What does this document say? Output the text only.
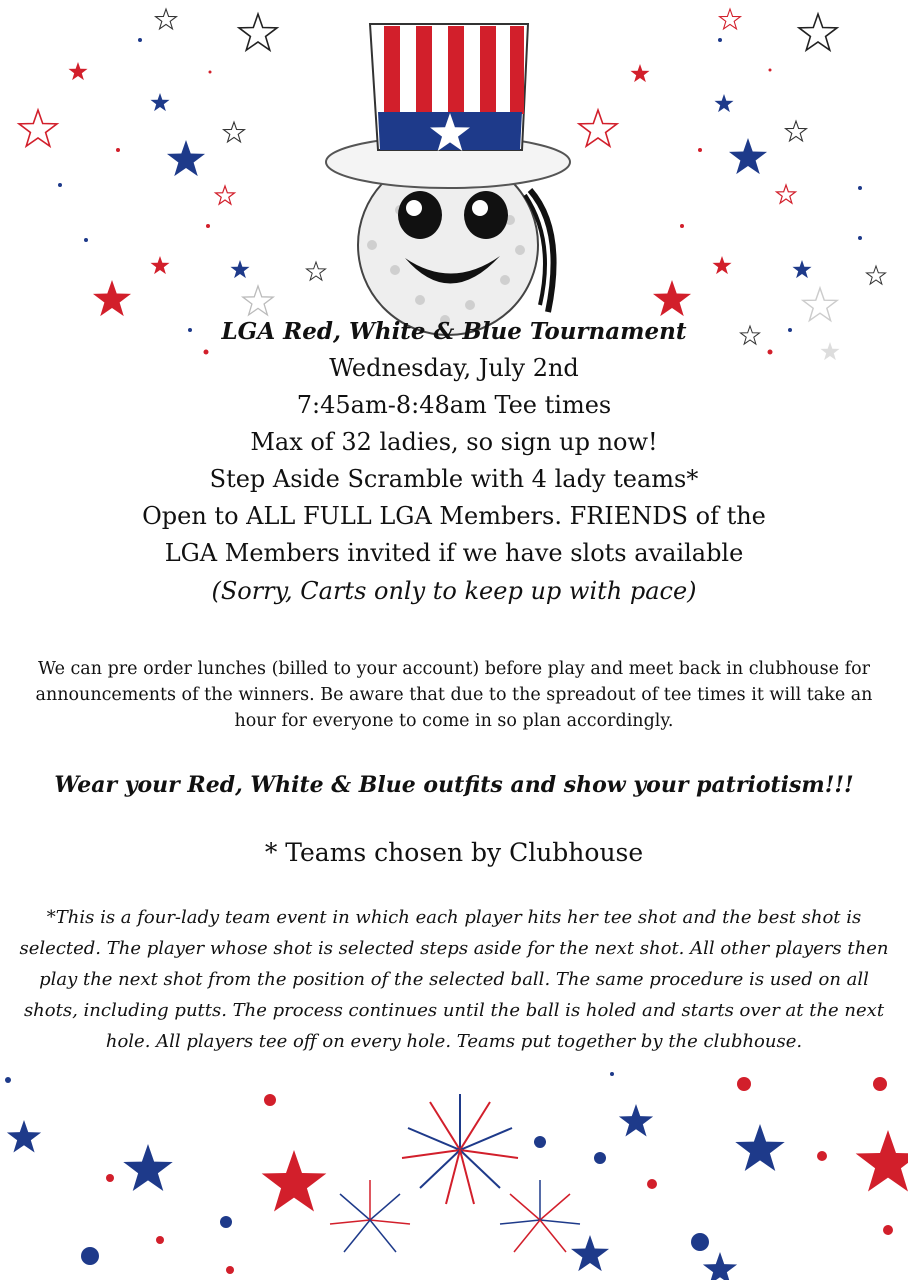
LGA Red, White & Blue Tournament
Wednesday, July 2nd
7:45am-8:48am Tee times
Max of 32 ladies, so sign up now!
Step Aside Scramble with 4 lady teams*
Open to ALL FULL LGA Members. FRIENDS of the
LGA Members invited if we have slots available
(Sorry, Carts only to keep up with pace)
We can pre order lunches (billed to your account) before play and meet back in clubhouse for announcements of the winners. Be aware that due to the spreadout of tee times it will take an hour for everyone to come in so plan accordingly.
Wear your Red, White & Blue outfits and show your patriotism!!!
* Teams chosen by Clubhouse
*This is a four-lady team event in which each player hits her tee shot and the best shot is selected. The player whose shot is selected steps aside for the next shot. All other players then play the next shot from the position of the selected ball. The same procedure is used on all shots, including putts. The process continues until the ball is holed and starts over at the next hole. All players tee off on every hole. Teams put together by the clubhouse.
